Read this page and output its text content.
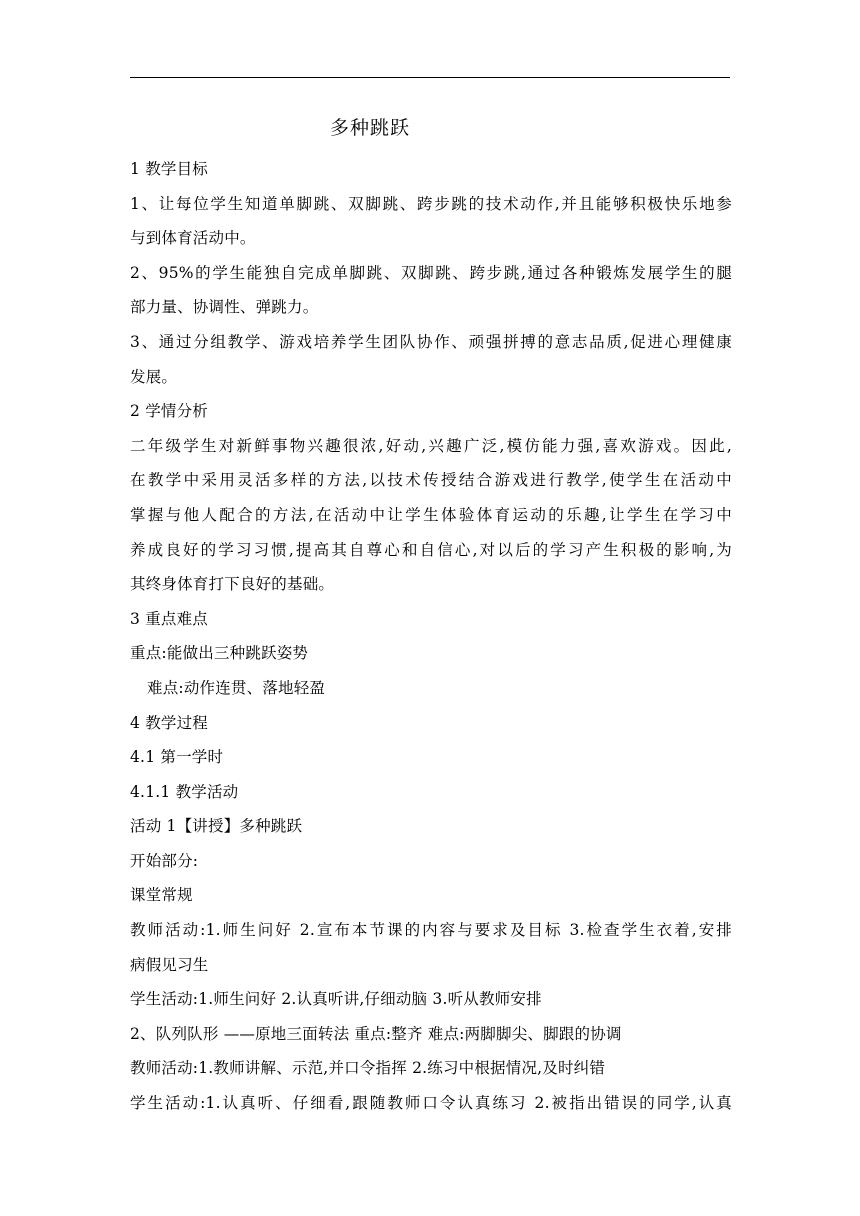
多种跳跃
1 教学目标
1、让每位学生知道单脚跳、双脚跳、跨步跳的技术动作,并且能够积极快乐地参
与到体育活动中。
2、95%的学生能独自完成单脚跳、双脚跳、跨步跳,通过各种锻炼发展学生的腿
部力量、协调性、弹跳力。
3、通过分组教学、游戏培养学生团队协作、顽强拼搏的意志品质,促进心理健康
发展。
2 学情分析
二年级学生对新鲜事物兴趣很浓,好动,兴趣广泛,模仿能力强,喜欢游戏。因此,
在教学中采用灵活多样的方法,以技术传授结合游戏进行教学,使学生在活动中
掌握与他人配合的方法,在活动中让学生体验体育运动的乐趣,让学生在学习中
养成良好的学习习惯,提高其自尊心和自信心,对以后的学习产生积极的影响,为
其终身体育打下良好的基础。
3 重点难点
重点:能做出三种跳跃姿势
难点:动作连贯、落地轻盈
4 教学过程
4.1 第一学时
4.1.1 教学活动
活动 1【讲授】多种跳跃
开始部分:
课堂常规
教师活动:1.师生问好 2.宣布本节课的内容与要求及目标 3.检查学生衣着,安排
病假见习生
学生活动:1.师生问好 2.认真听讲,仔细动脑 3.听从教师安排
2、队列队形 ——原地三面转法 重点:整齐 难点:两脚脚尖、脚跟的协调
教师活动:1.教师讲解、示范,并口令指挥 2.练习中根据情况,及时纠错
学生活动:1.认真听、仔细看,跟随教师口令认真练习 2.被指出错误的同学,认真
